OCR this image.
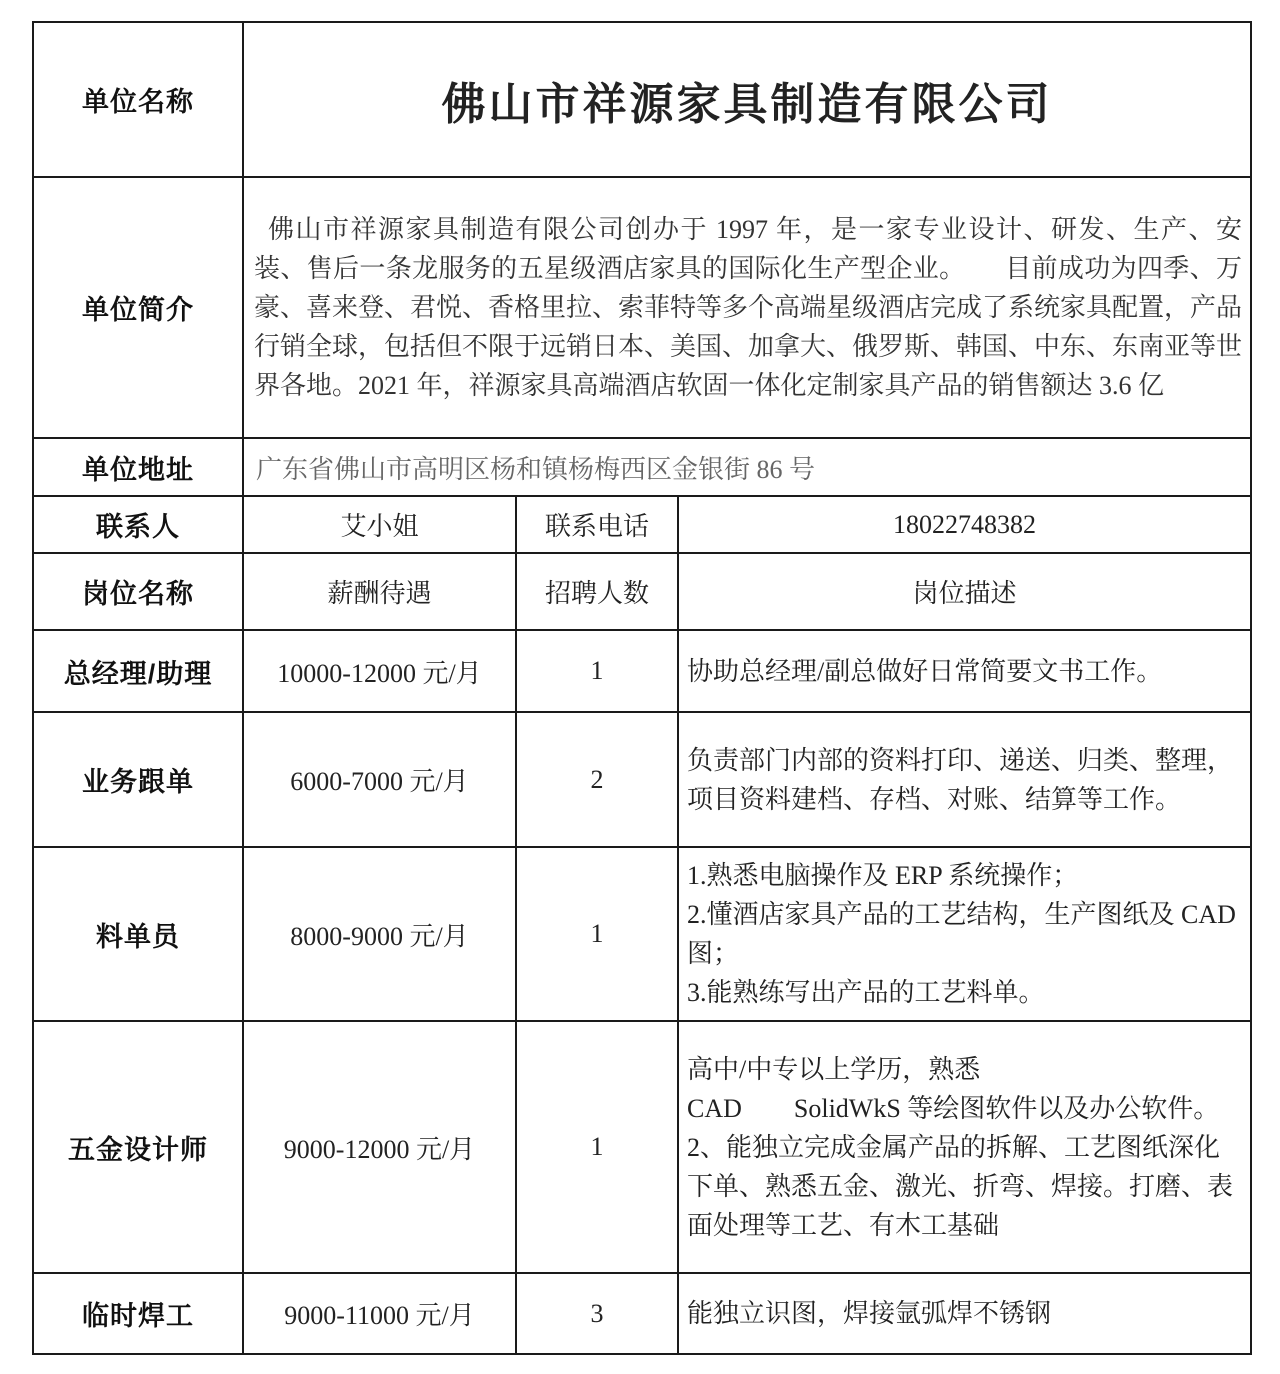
单位名称	佛山市祥源家具制造有限公司		
单位简介	佛山市祥源家具制造有限公司创办于 1997 年，是一家专业设计、研发、生产、安装、售后一条龙服务的五星级酒店家具的国际化生产型企业。　　目前成功为四季、万豪、喜来登、君悦、香格里拉、索菲特等多个高端星级酒店完成了系统家具配置，产品行销全球，包括但不限于远销日本、美国、加拿大、俄罗斯、韩国、中东、东南亚等世界各地。2021 年，祥源家具高端酒店软固一体化定制家具产品的销售额达 3.6 亿		

单位地址	广东省佛山市高明区杨和镇杨梅西区金银街 86 号		
联系人	艾小姐	联系电话	18022748382
岗位名称	薪酬待遇	招聘人数	岗位描述
总经理/助理	10000-12000 元/月	1	协助总经理/副总做好日常简要文书工作。

业务跟单	6000-7000 元/月	2	负责部门内部的资料打印、递送、归类、整理，项目资料建档、存档、对账、结算等工作。

料单员	8000-9000 元/月	1	1.熟悉电脑操作及 ERP 系统操作；
2.懂酒店家具产品的工艺结构，生产图纸及 CAD 图；
3.能熟练写出产品的工艺料单。

五金设计师	9000-12000 元/月	1	高中/中专以上学历，熟悉
CAD　　SolidWkS 等绘图软件以及办公软件。
2、能独立完成金属产品的拆解、工艺图纸深化下单、熟悉五金、激光、折弯、焊接。打磨、表面处理等工艺、有木工基础

临时焊工	9000-11000 元/月	3	能独立识图，焊接氩弧焊不锈钢
